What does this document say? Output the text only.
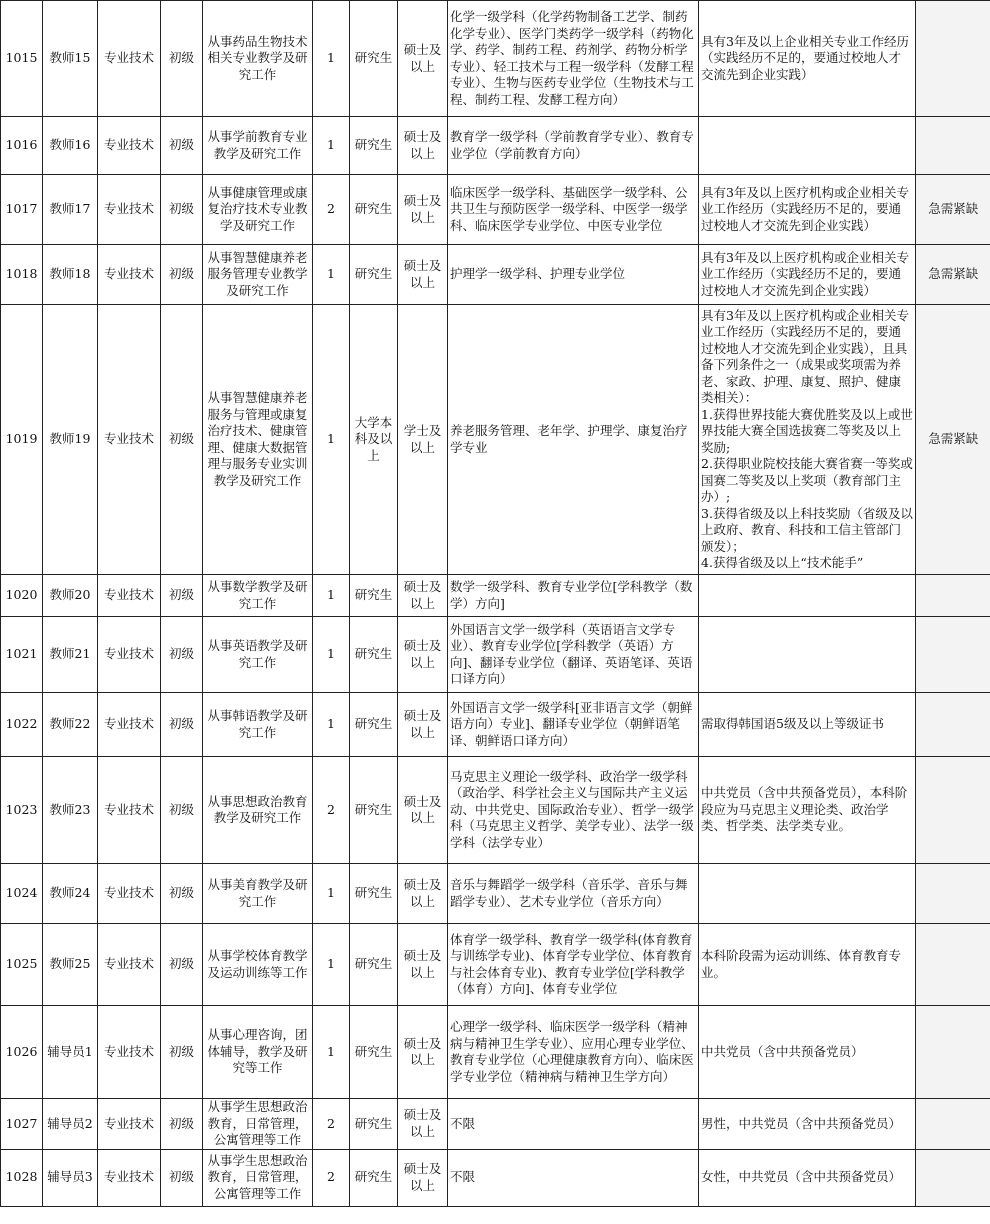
1015	教师15	专业技术	初级	从事药品生物技术相关专业教学及研究工作	1	研究生	硕士及以上	化学一级学科（化学药物制备工艺学、制药化学专业）、医学门类药学一级学科（药物化学、药学、制药工程、药剂学、药物分析学专业）、轻工技术与工程一级学科（发酵工程专业）、生物与医药专业学位（生物技术与工程、制药工程、发酵工程方向）	具有3年及以上企业相关专业工作经历（实践经历不足的，要通过校地人才交流先到企业实践）	

1016	教师16	专业技术	初级	从事学前教育专业教学及研究工作	1	研究生	硕士及以上	教育学一级学科（学前教育学专业）、教育专业学位（学前教育方向）		

1017	教师17	专业技术	初级	从事健康管理或康复治疗技术专业教学及研究工作	2	研究生	硕士及以上	临床医学一级学科、基础医学一级学科、公共卫生与预防医学一级学科、中医学一级学科、临床医学专业学位、中医专业学位	具有3年及以上医疗机构或企业相关专业工作经历（实践经历不足的，要通过校地人才交流先到企业实践）	急需紧缺

1018	教师18	专业技术	初级	从事智慧健康养老服务管理专业教学及研究工作	1	研究生	硕士及以上	护理学一级学科、护理专业学位	具有3年及以上医疗机构或企业相关专业工作经历（实践经历不足的，要通过校地人才交流先到企业实践）	急需紧缺

1019	教师19	专业技术	初级	从事智慧健康养老服务与管理或康复治疗技术、健康管理、健康大数据管理与服务专业实训教学及研究工作	1	大学本科及以上	学士及以上	养老服务管理、老年学、护理学、康复治疗学专业	具有3年及以上医疗机构或企业相关专业工作经历（实践经历不足的，要通过校地人才交流先到企业实践），且具备下列条件之一（成果或奖项需为养老、家政、护理、康复、照护、健康类相关）：
1.获得世界技能大赛优胜奖及以上或世界技能大赛全国选拔赛二等奖及以上奖励;
2.获得职业院校技能大赛省赛一等奖或国赛二等奖及以上奖项（教育部门主办）;
3.获得省级及以上科技奖励（省级及以上政府、教育、科技和工信主管部门颁发）；
4.获得省级及以上“技术能手”	急需紧缺

1020	教师20	专业技术	初级	从事数学教学及研究工作	1	研究生	硕士及以上	数学一级学科、教育专业学位[学科教学（数学）方向]		

1021	教师21	专业技术	初级	从事英语教学及研究工作	1	研究生	硕士及以上	外国语言文学一级学科（英语语言文学专业）、教育专业学位[学科教学（英语）方向]、翻译专业学位（翻译、英语笔译、英语口译方向）		

1022	教师22	专业技术	初级	从事韩语教学及研究工作	1	研究生	硕士及以上	外国语言文学一级学科[亚非语言文学（朝鲜语方向）专业]、翻译专业学位（朝鲜语笔译、朝鲜语口译方向）	需取得韩国语5级及以上等级证书	

1023	教师23	专业技术	初级	从事思想政治教育教学及研究工作	2	研究生	硕士及以上	马克思主义理论一级学科、政治学一级学科（政治学、科学社会主义与国际共产主义运动、中共党史、国际政治专业）、哲学一级学科（马克思主义哲学、美学专业）、法学一级学科（法学专业）	中共党员（含中共预备党员），本科阶段应为马克思主义理论类、政治学类、哲学类、法学类专业。	

1024	教师24	专业技术	初级	从事美育教学及研究工作	1	研究生	硕士及以上	音乐与舞蹈学一级学科（音乐学、音乐与舞蹈学专业）、艺术专业学位（音乐方向）		

1025	教师25	专业技术	初级	从事学校体育教学及运动训练等工作	1	研究生	硕士及以上	体育学一级学科、教育学一级学科(体育教育与训练学专业)、体育学专业学位、体育教育与社会体育专业)、教育专业学位[学科教学（体育）方向]、体育专业学位	本科阶段需为运动训练、体育教育专业。	

1026	辅导员1	专业技术	初级	从事心理咨询，团体辅导，教学及研究等工作	1	研究生	硕士及以上	心理学一级学科、临床医学一级学科（精神病与精神卫生学专业）、应用心理专业学位、教育专业学位（心理健康教育方向）、临床医学专业学位（精神病与精神卫生学方向）	中共党员（含中共预备党员）	

1027	辅导员2	专业技术	初级	从事学生思想政治教育，日常管理，公寓管理等工作	2	研究生	硕士及以上	不限	男性，中共党员（含中共预备党员）	

1028	辅导员3	专业技术	初级	从事学生思想政治教育，日常管理，公寓管理等工作	2	研究生	硕士及以上	不限	女性，中共党员（含中共预备党员）	
